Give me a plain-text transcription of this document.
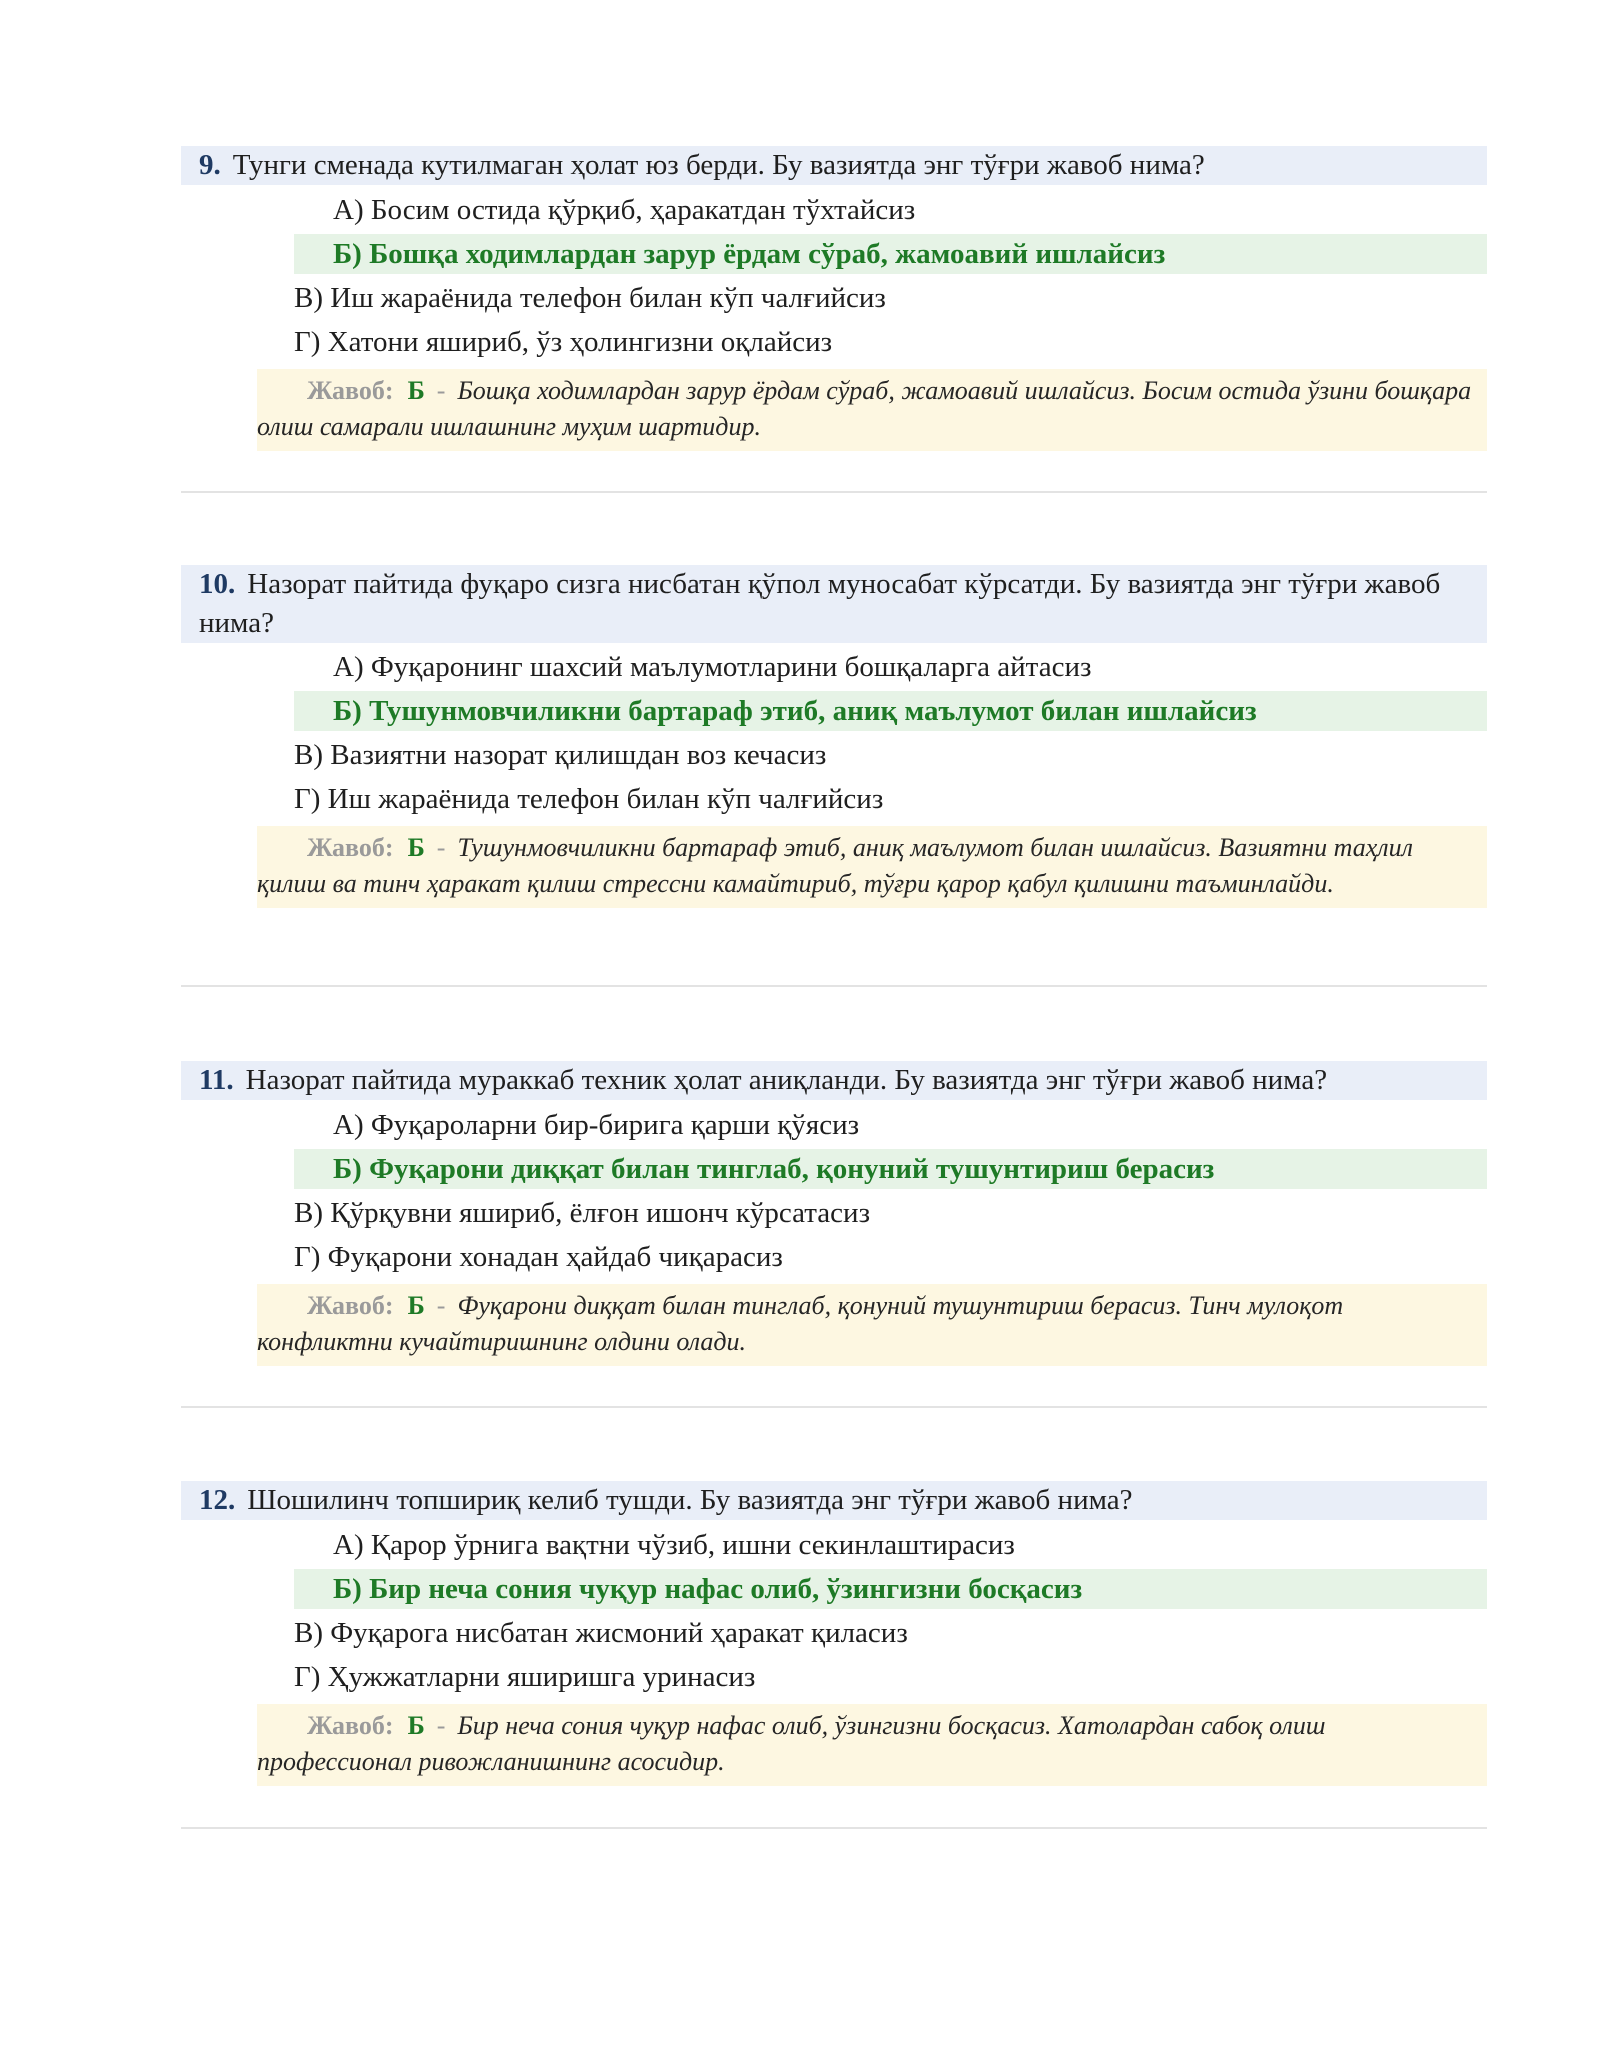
9. Тунги сменада кутилмаган ҳолат юз берди. Бу вазиятда энг тўғри жавоб нима?
А) Босим остида қўрқиб, ҳаракатдан тўхтайсиз
Б) Бошқа ходимлардан зарур ёрдам сўраб, жамоавий ишлайсиз
В) Иш жараёнида телефон билан кўп чалғийсиз
Г) Хатони яшириб, ўз ҳолингизни оқлайсиз
Жавоб: Б - Бошқа ходимлардан зарур ёрдам сўраб, жамоавий ишлайсиз. Босим остида ўзини бошқара олиш самарали ишлашнинг муҳим шартидир.
10. Назорат пайтида фуқаро сизга нисбатан қўпол муносабат кўрсатди. Бу вазиятда энг тўғри жавоб нима?
А) Фуқаронинг шахсий маълумотларини бошқаларга айтасиз
Б) Тушунмовчиликни бартараф этиб, аниқ маълумот билан ишлайсиз
В) Вазиятни назорат қилишдан воз кечасиз
Г) Иш жараёнида телефон билан кўп чалғийсиз
Жавоб: Б - Тушунмовчиликни бартараф этиб, аниқ маълумот билан ишлайсиз. Вазиятни таҳлил қилиш ва тинч ҳаракат қилиш стрессни камайтириб, тўғри қарор қабул қилишни таъминлайди.
11. Назорат пайтида мураккаб техник ҳолат аниқланди. Бу вазиятда энг тўғри жавоб нима?
А) Фуқароларни бир-бирига қарши қўясиз
Б) Фуқарони диққат билан тинглаб, қонуний тушунтириш берасиз
В) Қўрқувни яшириб, ёлғон ишонч кўрсатасиз
Г) Фуқарони хонадан ҳайдаб чиқарасиз
Жавоб: Б - Фуқарони диққат билан тинглаб, қонуний тушунтириш берасиз. Тинч мулоқот конфликтни кучайтиришнинг олдини олади.
12. Шошилинч топшириқ келиб тушди. Бу вазиятда энг тўғри жавоб нима?
А) Қарор ўрнига вақтни чўзиб, ишни секинлаштирасиз
Б) Бир неча сония чуқур нафас олиб, ўзингизни босқасиз
В) Фуқарога нисбатан жисмоний ҳаракат қиласиз
Г) Ҳужжатларни яширишга уринасиз
Жавоб: Б - Бир неча сония чуқур нафас олиб, ўзингизни босқасиз. Хатолардан сабоқ олиш профессионал ривожланишнинг асосидир.
